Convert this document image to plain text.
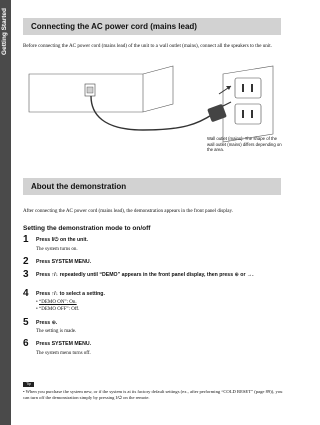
Getting Started	Connecting the AC power cord (mains lead)
Before connecting the AC power cord (mains lead) of the unit to a wall outlet (mains), connect all the speakers to the unit.
Wall outlet (mains): The shape of the wall outlet (mains) differs depending on the area.
About the demonstration
After connecting the AC power cord (mains lead), the demonstration appears in the front panel display.
Setting the demonstration mode to on/off
1 Press I/⏻ on the unit.
The system turns on.
2 Press SYSTEM MENU.
3 Press ↑/↓ repeatedly until “DEMO” appears in the front panel display, then press ⊕ or →.
4 Press ↑/↓ to select a setting.
• “DEMO ON”: On.
• “DEMO OFF”: Off.
5 Press ⊕.
The setting is made.
6 Press SYSTEM MENU.
The system menu turns off.
Tip
• When you purchase the system new, or if the system is at its factory default settings (ex., after performing “COLD RESET” (page 89)), you can turn off the demonstration simply by pressing I/⏻ on the remote.
